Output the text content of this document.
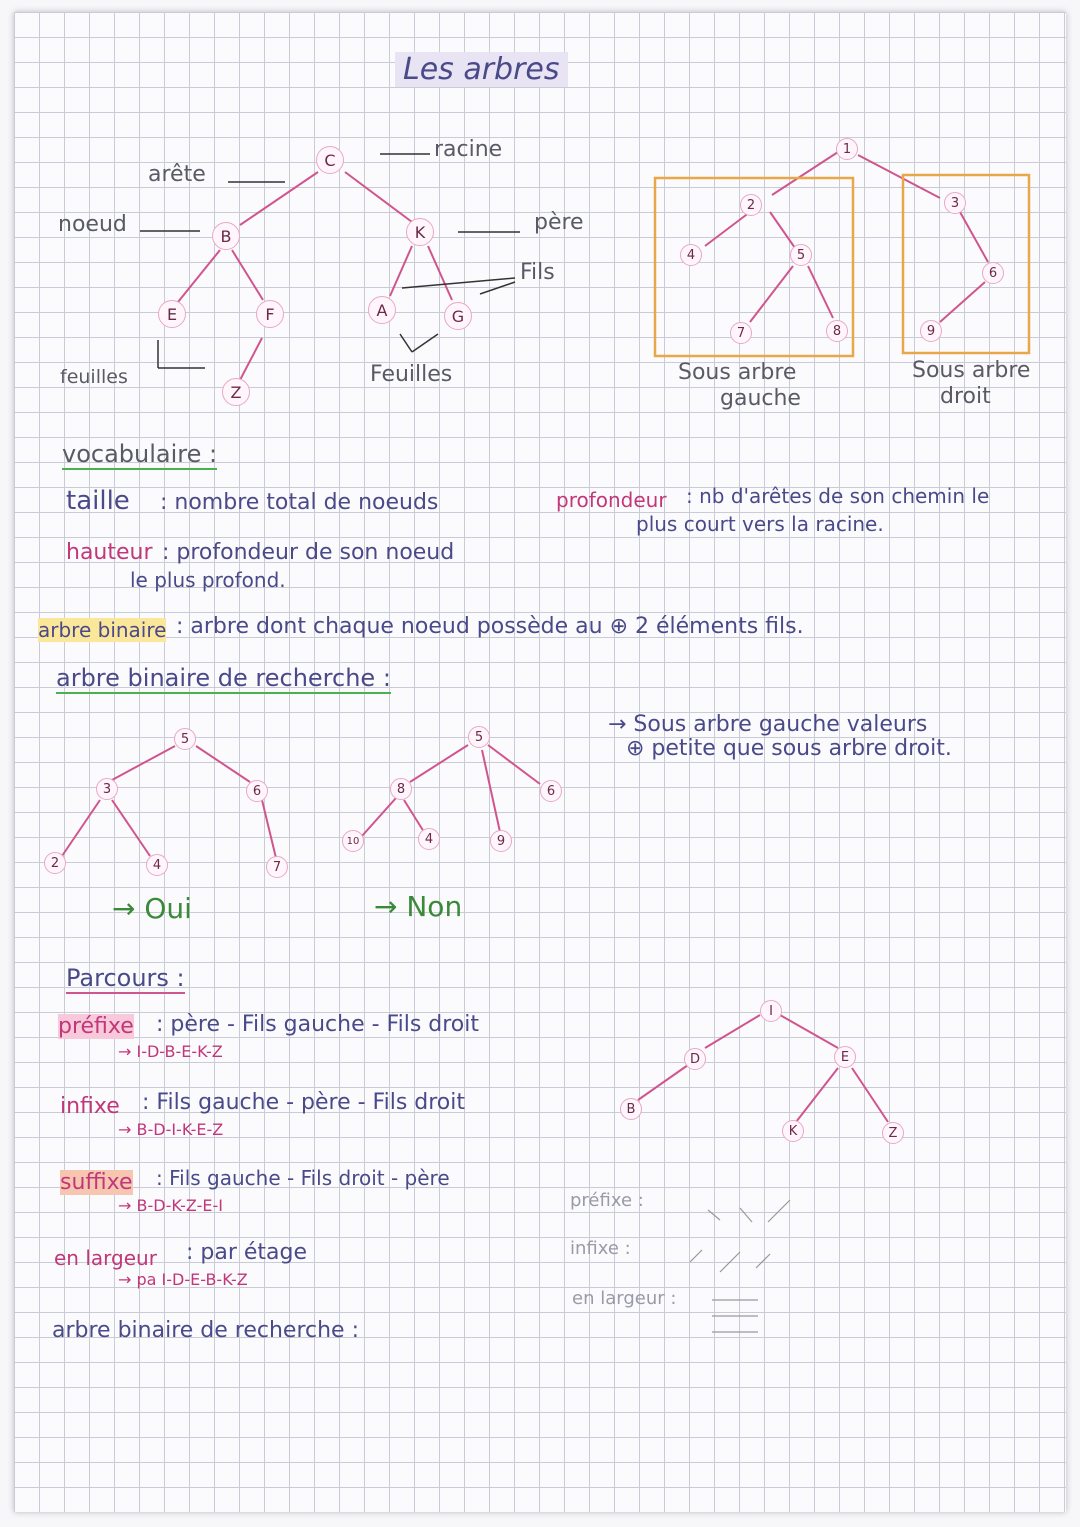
Les arbres
C
B	K
E	F	A	G
Z
arête
noeud
racine
père
Fils
feuilles	Feuilles
1
2	3
4	5
6
7	8	9
Sous arbre
gauche
Sous arbre
droit
vocabulaire :
taille : nombre total de noeuds	profondeur : nb d'arêtes de son chemin le
plus court vers la racine.
hauteur : profondeur de son noeud
le plus profond.
arbre binaire : arbre dont chaque noeud possède au ⊕ 2 éléments fils.
arbre binaire de recherche :
5
3	6
2	4	7
5
8	6
10	4	9
→ Oui	→ Non
→ Sous arbre gauche valeurs
⊕ petite que sous arbre droit.
Parcours :
préfixe : père - Fils gauche - Fils droit
→ I-D-B-E-K-Z
infixe : Fils gauche - père - Fils droit
→ B-D-I-K-E-Z
suffixe : Fils gauche - Fils droit - père
→ B-D-K-Z-E-I
en largeur : par étage
→ pa I-D-E-B-K-Z
arbre binaire de recherche :
I
D	E
B
K	Z
préfixe :
infixe :
en largeur :
